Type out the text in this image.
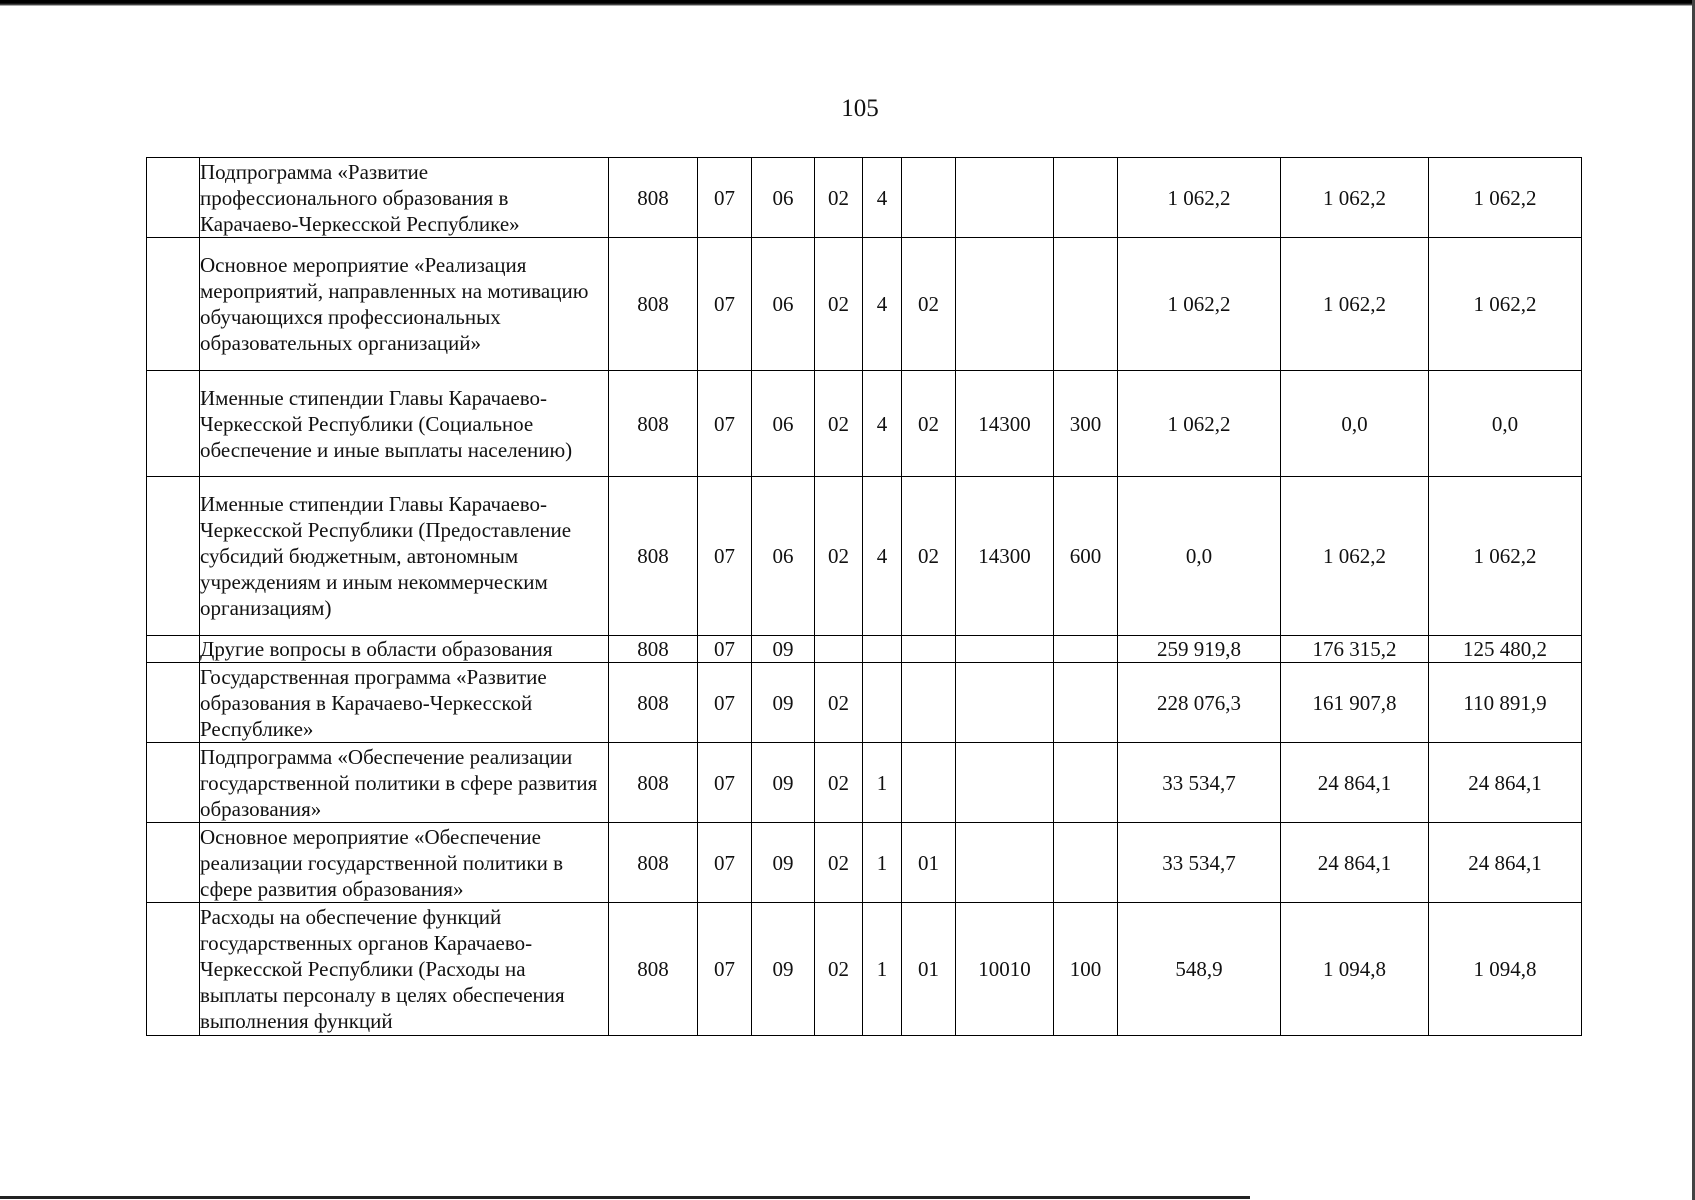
105
	Подпрограмма «Развитие профессионального образования в Карачаево-Черкесской Республике»	808	07	06	02	4				1 062,2	1 062,2	1 062,2
	Основное мероприятие «Реализация мероприятий, направленных на мотивацию обучающихся профессиональных образовательных организаций»	808	07	06	02	4	02			1 062,2	1 062,2	1 062,2
	Именные стипендии Главы Карачаево-Черкесской Республики (Социальное обеспечение и иные выплаты населению)	808	07	06	02	4	02	14300	300	1 062,2	0,0	0,0
	Именные стипендии Главы Карачаево-Черкесской Республики (Предоставление субсидий бюджетным, автономным учреждениям и иным некоммерческим организациям)	808	07	06	02	4	02	14300	600	0,0	1 062,2	1 062,2
	Другие вопросы в области образования	808	07	09						259 919,8	176 315,2	125 480,2
	Государственная программа «Развитие образования в Карачаево-Черкесской Республике»	808	07	09	02					228 076,3	161 907,8	110 891,9
	Подпрограмма «Обеспечение реализации государственной политики в сфере развития образования»	808	07	09	02	1				33 534,7	24 864,1	24 864,1
	Основное мероприятие «Обеспечение реализации государственной политики в сфере развития образования»	808	07	09	02	1	01			33 534,7	24 864,1	24 864,1
	Расходы на обеспечение функций государственных органов Карачаево-Черкесской Республики (Расходы на выплаты персоналу в целях обеспечения выполнения функций	808	07	09	02	1	01	10010	100	548,9	1 094,8	1 094,8
